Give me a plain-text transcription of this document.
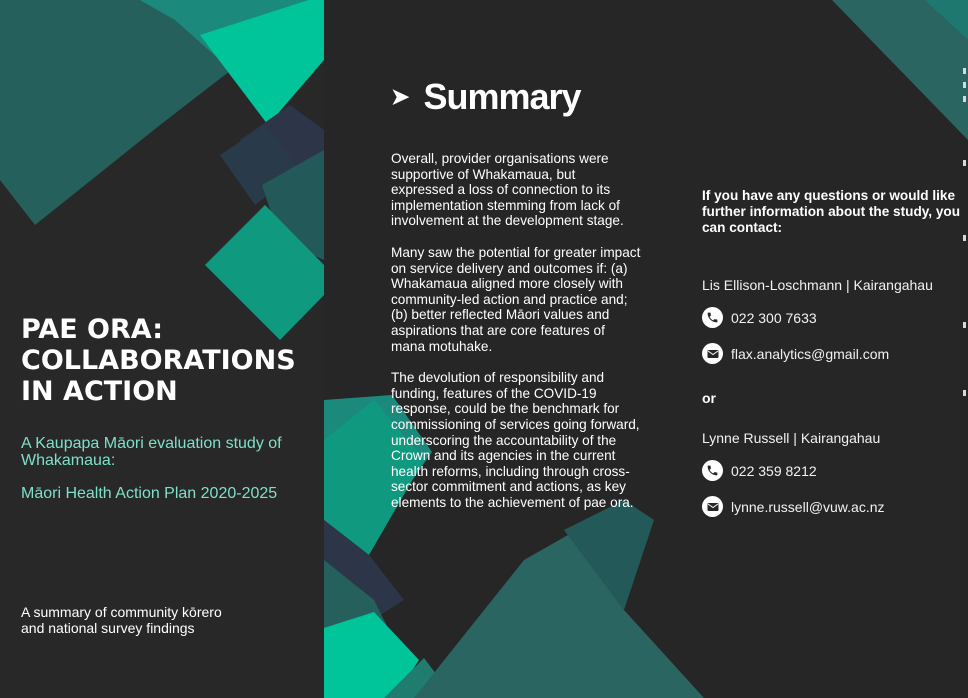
PAE ORA:
COLLABORATIONS
IN ACTION

A Kaupapa Māori evaluation study of Whakamaua:

Māori Health Action Plan 2020-2025

A summary of community kōrero
and national survey findings

➤ Summary

Overall, provider organisations were supportive of Whakamaua, but expressed a loss of connection to its implementation stemming from lack of involvement at the development stage.

Many saw the potential for greater impact on service delivery and outcomes if: (a) Whakamaua aligned more closely with community-led action and practice and; (b) better reflected Māori values and aspirations that are core features of mana motuhake.

The devolution of responsibility and funding, features of the COVID-19 response, could be the benchmark for commissioning of services going forward, underscoring the accountability of the Crown and its agencies in the current health reforms, including through cross-sector commitment and actions, as key elements to the achievement of pae ora.

If you have any questions or would like further information about the study, you can contact:

Lis Ellison-Loschmann | Kairangahau
022 300 7633
flax.analytics@gmail.com
or
Lynne Russell | Kairangahau
022 359 8212
lynne.russell@vuw.ac.nz
